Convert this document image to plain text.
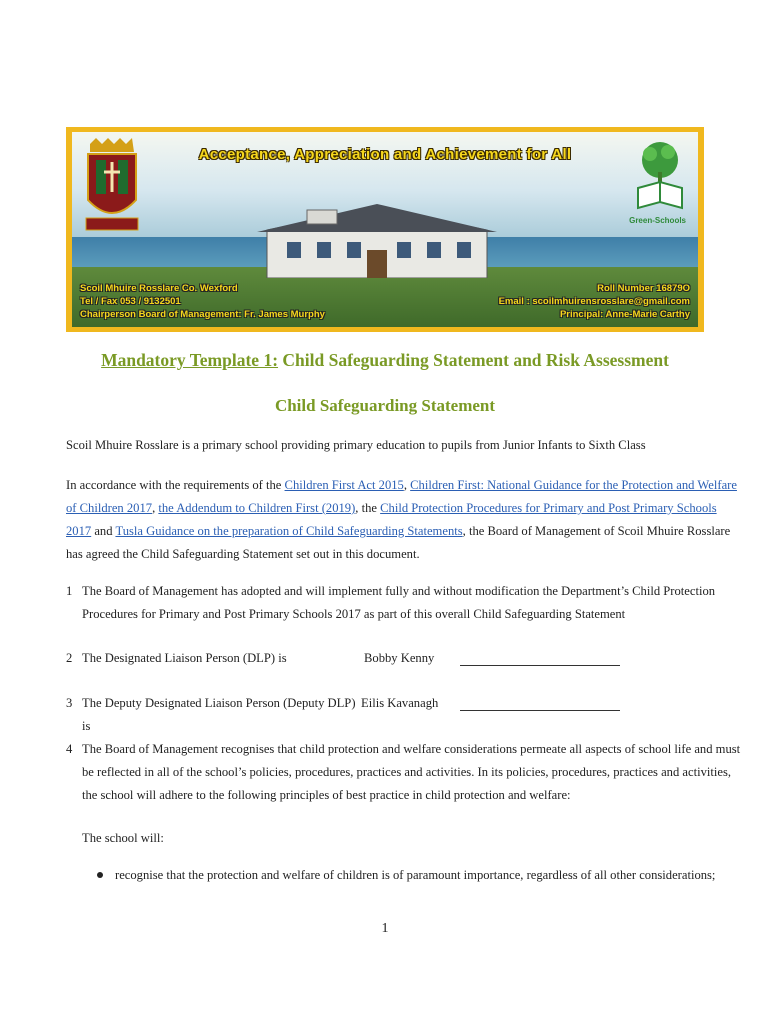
Green-Schools
Acceptance, Appreciation and Achievement for All
Scoil Mhuire Rosslare Co. Wexford
Tel / Fax 053 / 9132501
Chairperson Board of Management: Fr. James Murphy
Roll Number 16879O
Email : scoilmhuirensrosslare@gmail.com
Principal: Anne-Marie Carthy
Mandatory Template 1: Child Safeguarding Statement and Risk Assessment
Child Safeguarding Statement
Scoil Mhuire Rosslare is a primary school providing primary education to pupils from Junior Infants to Sixth Class
In accordance with the requirements of the Children First Act 2015, Children First: National Guidance for the Protection and Welfare of Children 2017, the Addendum to Children First (2019), the Child Protection Procedures for Primary and Post Primary Schools 2017 and Tusla Guidance on the preparation of Child Safeguarding Statements, the Board of Management of Scoil Mhuire Rosslare has agreed the Child Safeguarding Statement set out in this document.
1 The Board of Management has adopted and will implement fully and without modification the Department’s Child Protection Procedures for Primary and Post Primary Schools 2017 as part of this overall Child Safeguarding Statement
2 The Designated Liaison Person (DLP) is	Bobby Kenny
3 The Deputy Designated Liaison Person (Deputy DLP) is
Eilis Kavanagh
4 The Board of Management recognises that child protection and welfare considerations permeate all aspects of school life and must be reflected in all of the school’s policies, procedures, practices and activities. In its policies, procedures, practices and activities, the school will adhere to the following principles of best practice in child protection and welfare:
The school will:
recognise that the protection and welfare of children is of paramount importance, regardless of all other considerations;
1
